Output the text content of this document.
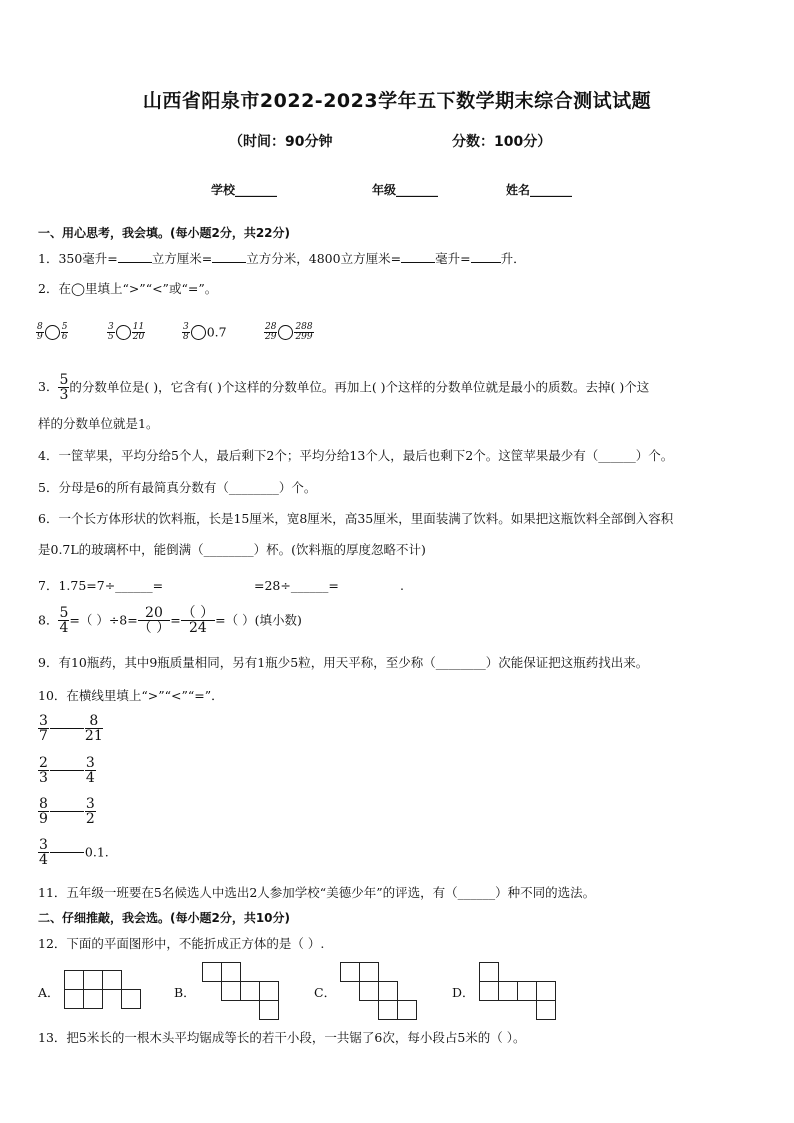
山西省阳泉市2022-2023学年五下数学期末综合测试试题
（时间：90分钟	分数：100分）
学校_______	年级_______	姓名_______
一、用心思考，我会填。(每小题2分，共22分)
1．350毫升=	立方厘米=	立方分米，4800立方厘米=	毫升= 升．
2．在◯里填上“>”“<”或“=”。
$\frac{8}{9} \frac{5}{6}$	$\frac{3}{5} \frac{11}{20}$	$\frac{3}{8} 0.7$	$\frac{28}{29} \frac{288}{299}$
3． $\frac{5}{3}$ 的分数单位是( )，它含有( )个这样的分数单位。再加上( )个这样的分数单位就是最小的质数。去掉( )个这
样的分数单位就是1。
4．一筐苹果，平均分给5个人，最后剩下2个；平均分给13个人，最后也剩下2个。这筐苹果最少有（______）个。
5．分母是6的所有最简真分数有（________）个。
6．一个长方体形状的饮料瓶，长是15厘米，宽8厘米，高35厘米，里面装满了饮料。如果把这瓶饮料全部倒入容积
是0.7L的玻璃杯中，能倒满（________）杯。(饮料瓶的厚度忽略不计)
7．1.75=7÷______=	=28÷______=	.
8． $\frac{5}{4}$ =（ ）$\div 8= \frac{20}{( )} = \frac{( )}{24}$ =（ ）(填小数)
9．有10瓶药，其中9瓶质量相同，另有1瓶少5粒，用天平称，至少称（________）次能保证把这瓶药找出来。
10．在横线里填上“>”“<”“=”．
$\frac{3}{7}$	$\frac{8}{21}$
$\frac{2}{3}$	$\frac{3}{4}$
$\frac{8}{9}$	$\frac{3}{2}$
$\frac{3}{4}$	0.1.
11．五年级一班要在5名候选人中选出2人参加学校“美德少年”的评选，有（______）种不同的选法。
二、仔细推敲，我会选。(每小题2分，共10分)
12．下面的平面图形中，不能折成正方体的是（ ）.
A．	B．	C．	D．
13．把5米长的一根木头平均锯成等长的若干小段，一共锯了6次，每小段占5米的（ ）。
